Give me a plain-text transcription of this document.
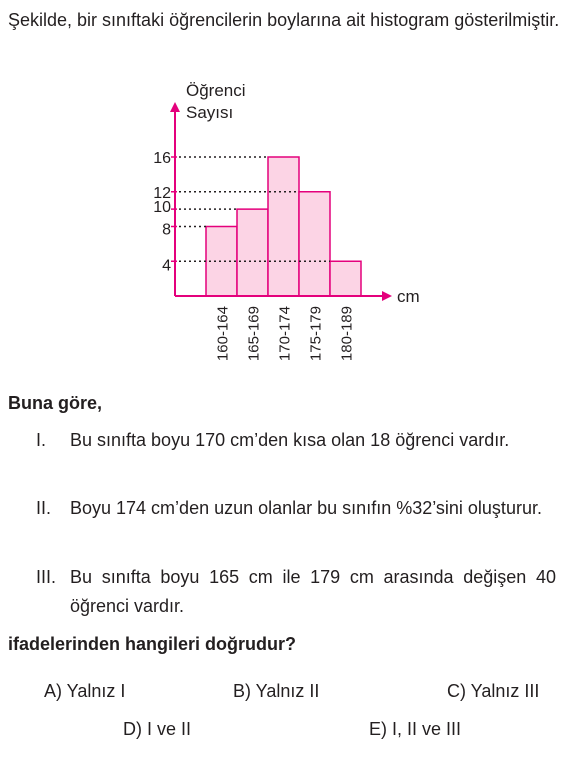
Şekilde, bir sınıftaki öğrencilerin boylarına ait histogram gösterilmiştir.

4
8
10
12
16
160-164 165-169 170-174 175-179 180-189
Öğrenci
Sayısı
cm

Buna göre,

I. Bu sınıfta boyu 170 cm’den kısa olan 18 öğrenci vardır.
II. Boyu 174 cm’den uzun olanlar bu sınıfın %32’sini oluşturur.
III. Bu sınıfta boyu 165 cm ile 179 cm arasında değişen 40 öğrenci vardır.

ifadelerinden hangileri doğrudur?

A) Yalnız I	B) Yalnız II	C) Yalnız III
D) I ve II	E) I, II ve III
